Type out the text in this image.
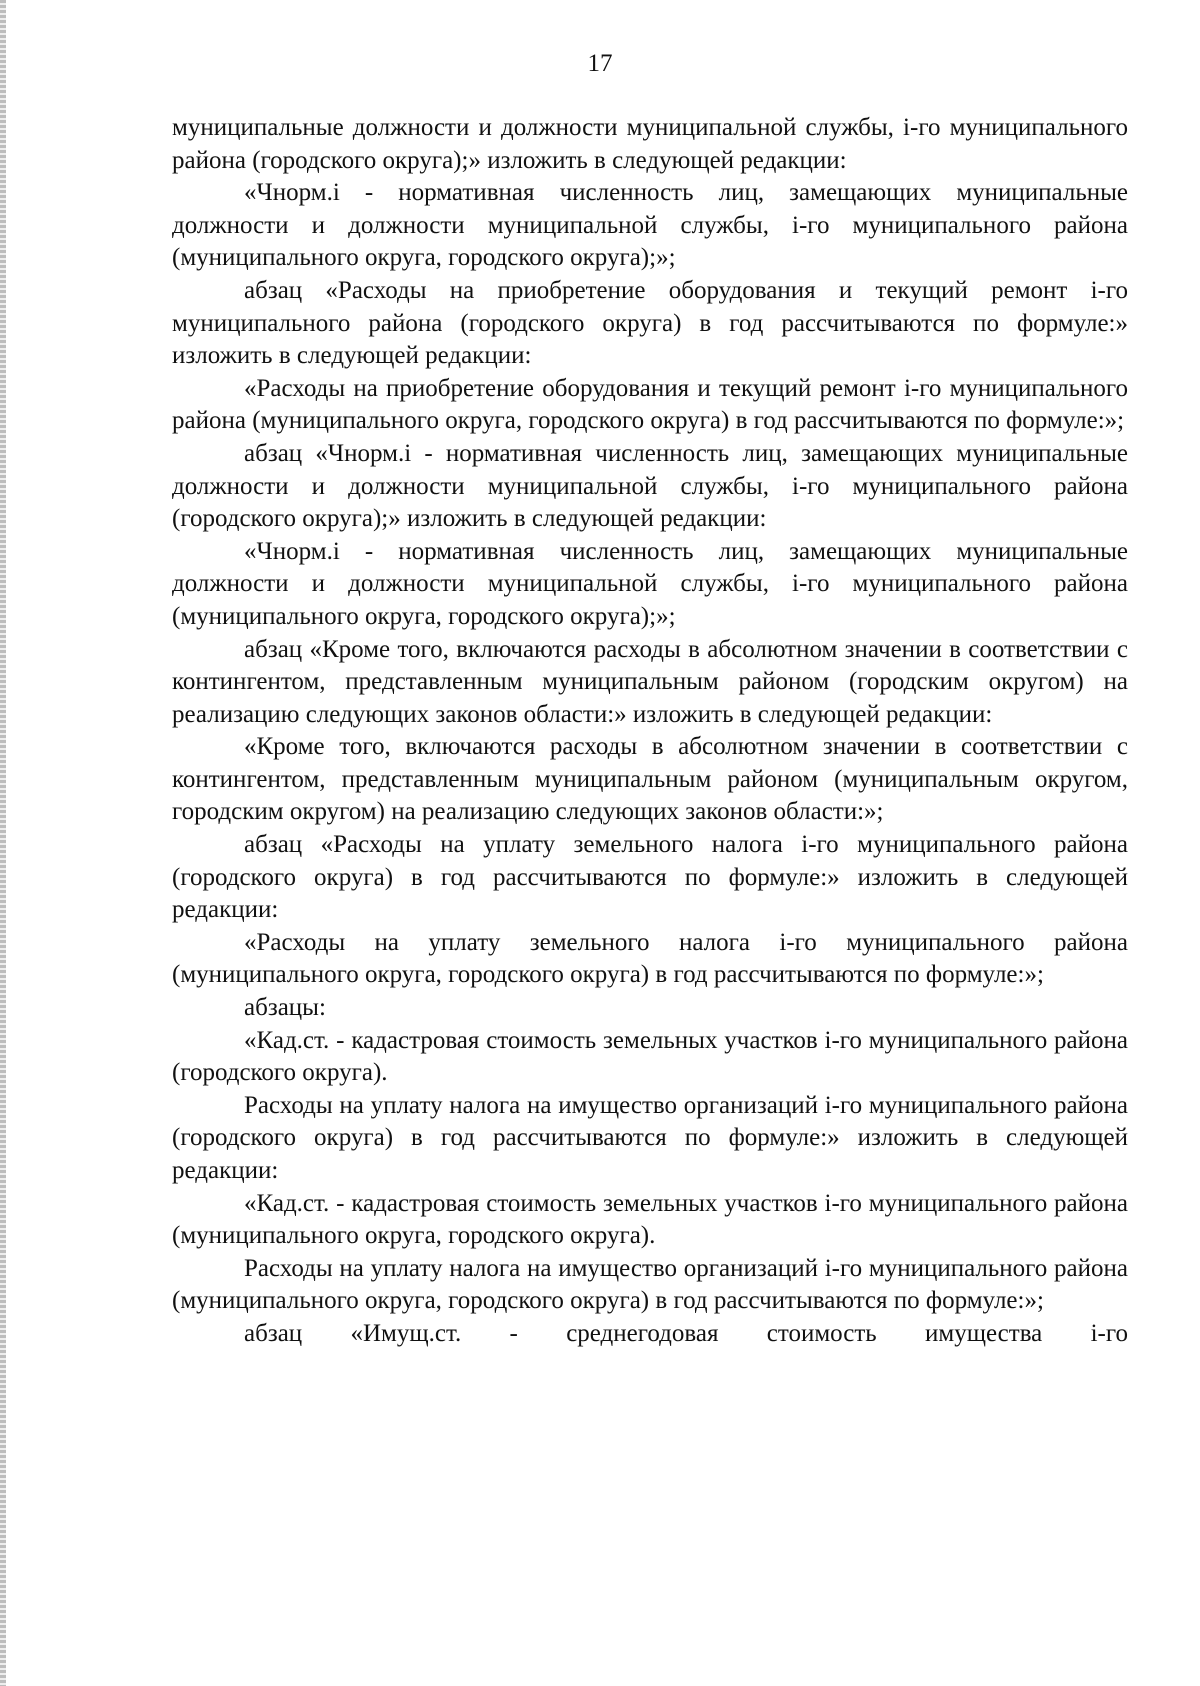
17

муниципальные должности и должности муниципальной службы, i-го муниципального района (городского округа);» изложить в следующей редакции:

«Чнорм.i - нормативная численность лиц, замещающих муниципальные должности и должности муниципальной службы, i-го муниципального района (муниципального округа, городского округа);»;

абзац «Расходы на приобретение оборудования и текущий ремонт i-го муниципального района (городского округа) в год рассчитываются по формуле:» изложить в следующей редакции:

«Расходы на приобретение оборудования и текущий ремонт i-го муниципального района (муниципального округа, городского округа) в год рассчитываются по формуле:»;

абзац «Чнорм.i - нормативная численность лиц, замещающих муниципальные должности и должности муниципальной службы, i-го муниципального района (городского округа);» изложить в следующей редакции:

«Чнорм.i - нормативная численность лиц, замещающих муниципальные должности и должности муниципальной службы, i-го муниципального района (муниципального округа, городского округа);»;

абзац «Кроме того, включаются расходы в абсолютном значении в соответствии с контингентом, представленным муниципальным районом (городским округом) на реализацию следующих законов области:» изложить в следующей редакции:

«Кроме того, включаются расходы в абсолютном значении в соответствии с контингентом, представленным муниципальным районом (муниципальным округом, городским округом) на реализацию следующих законов области:»;

абзац «Расходы на уплату земельного налога i-го муниципального района (городского округа) в год рассчитываются по формуле:» изложить в следующей редакции:

«Расходы на уплату земельного налога i-го муниципального района (муниципального округа, городского округа) в год рассчитываются по формуле:»;

абзацы:

«Кад.ст. - кадастровая стоимость земельных участков i-го муниципального района (городского округа).

Расходы на уплату налога на имущество организаций i-го муниципального района (городского округа) в год рассчитываются по формуле:» изложить в следующей редакции:

«Кад.ст. - кадастровая стоимость земельных участков i-го муниципального района (муниципального округа, городского округа).

Расходы на уплату налога на имущество организаций i-го муниципального района (муниципального округа, городского округа) в год рассчитываются по формуле:»;

абзац «Имущ.ст. - среднегодовая стоимость имущества i-го
